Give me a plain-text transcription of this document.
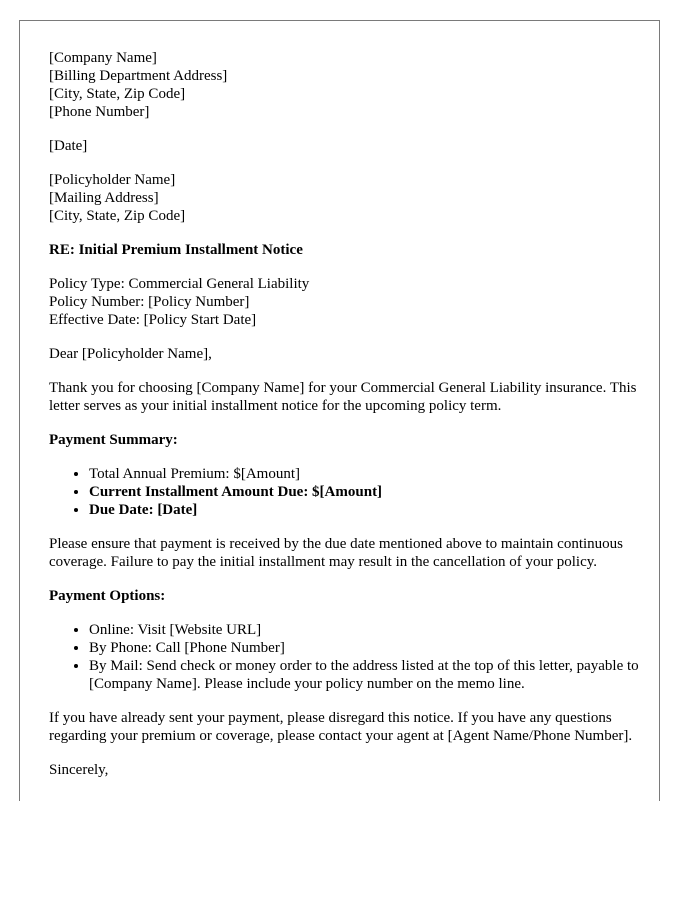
[Company Name]
[Billing Department Address]
[City, State, Zip Code]
[Phone Number]
[Date]
[Policyholder Name]
[Mailing Address]
[City, State, Zip Code]
RE: Initial Premium Installment Notice
Policy Type: Commercial General Liability
Policy Number: [Policy Number]
Effective Date: [Policy Start Date]
Dear [Policyholder Name],
Thank you for choosing [Company Name] for your Commercial General Liability insurance. This letter serves as your initial installment notice for the upcoming policy term.
Payment Summary:
• Total Annual Premium: $[Amount]
• Current Installment Amount Due: $[Amount]
• Due Date: [Date]
Please ensure that payment is received by the due date mentioned above to maintain continuous coverage. Failure to pay the initial installment may result in the cancellation of your policy.
Payment Options:
• Online: Visit [Website URL]
• By Phone: Call [Phone Number]
• By Mail: Send check or money order to the address listed at the top of this letter, payable to [Company Name]. Please include your policy number on the memo line.
If you have already sent your payment, please disregard this notice. If you have any questions regarding your premium or coverage, please contact your agent at [Agent Name/Phone Number].
Sincerely,
